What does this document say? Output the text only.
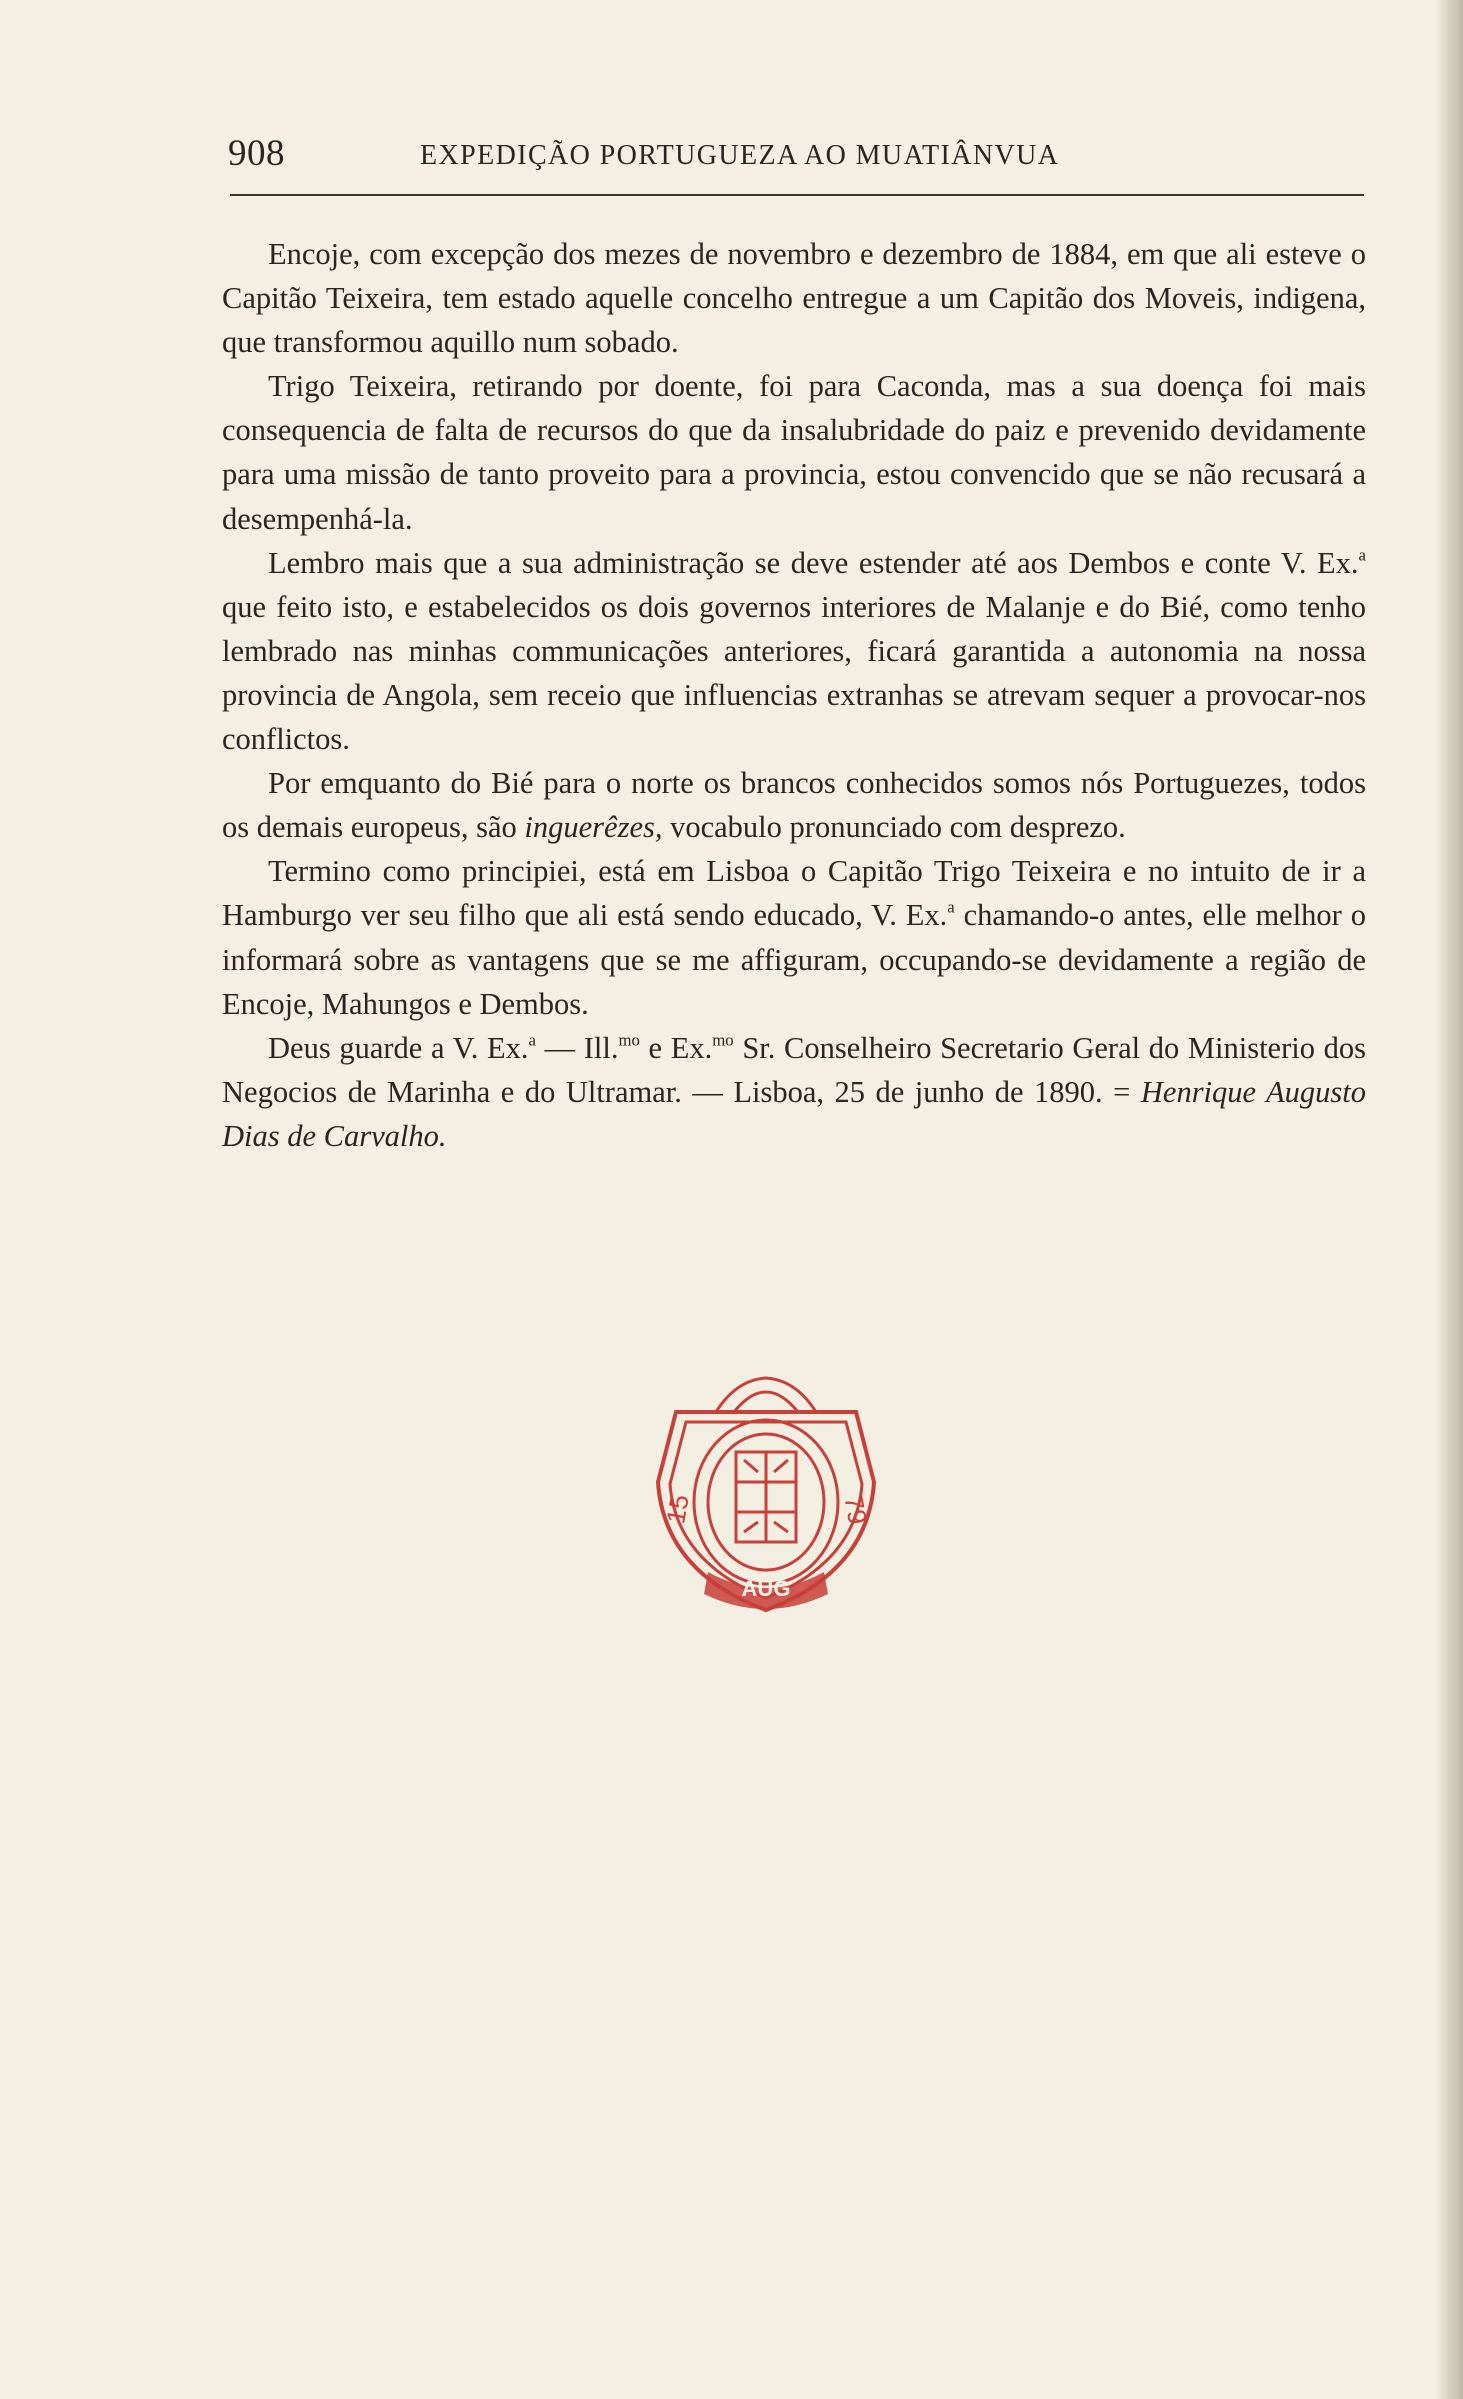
908	EXPEDIÇÃO PORTUGUEZA AO MUATIÂNVUA

Encoje, com excepção dos mezes de novembro e dezembro de 1884, em que ali esteve o Capitão Teixeira, tem estado aquelle concelho entregue a um Capitão dos Moveis, indigena, que transformou aquillo num sobado.

Trigo Teixeira, retirando por doente, foi para Caconda, mas a sua doença foi mais consequencia de falta de recursos do que da insalubridade do paiz e prevenido devidamente para uma missão de tanto proveito para a provincia, estou convencido que se não recusará a desempenhá-la.

Lembro mais que a sua administração se deve estender até aos Dembos e conte V. Ex.$^a$ que feito isto, e estabelecidos os dois governos interiores de Malanje e do Bié, como tenho lembrado nas minhas communicações anteriores, ficará garantida a autonomia na nossa provincia de Angola, sem receio que influencias extranhas se atrevam sequer a provocar-nos conflictos.

Por emquanto do Bié para o norte os brancos conhecidos somos nós Portuguezes, todos os demais europeus, são inguerêzes, vocabulo pronunciado com desprezo.

Termino como principiei, está em Lisboa o Capitão Trigo Teixeira e no intuito de ir a Hamburgo ver seu filho que ali está sendo educado, V. Ex.$^a$ chamando-o antes, elle melhor o informará sobre as vantagens que se me affiguram, occupando-se devidamente a região de Encoje, Mahungos e Dembos.

Deus guarde a V. Ex.$^a$ — Ill.$^{mo}$ e Ex.$^{mo}$ Sr. Conselheiro Secretario Geral do Ministerio dos Negocios de Marinha e do Ultramar. — Lisboa, 25 de junho de 1890. = Henrique Augusto Dias de Carvalho.

15	79
AUG
